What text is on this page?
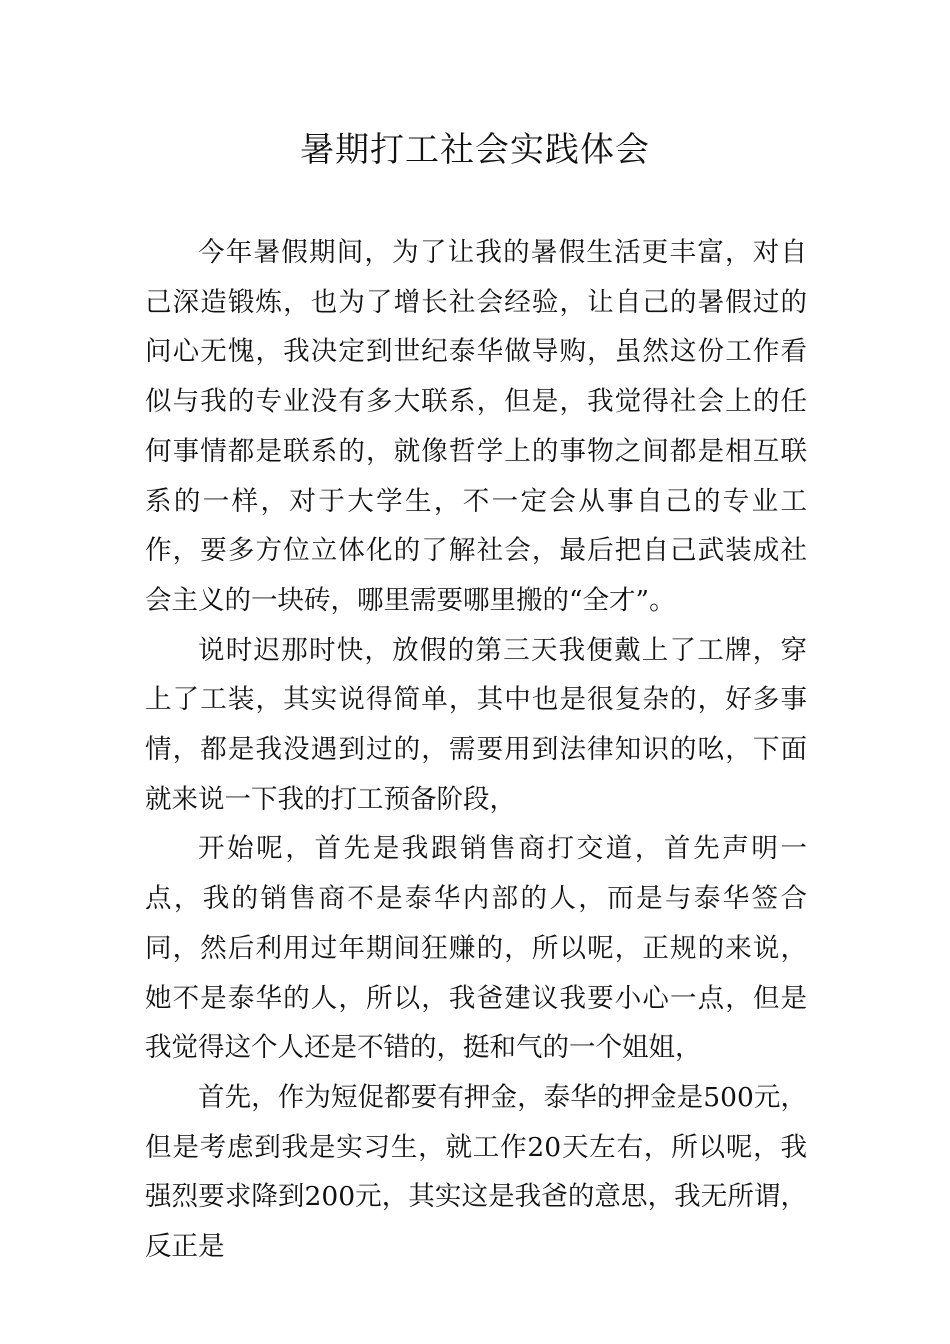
暑期打工社会实践体会

今年暑假期间，为了让我的暑假生活更丰富，对自己深造锻炼，也为了增长社会经验，让自己的暑假过的问心无愧，我决定到世纪泰华做导购，虽然这份工作看似与我的专业没有多大联系，但是，我觉得社会上的任何事情都是联系的，就像哲学上的事物之间都是相互联系的一样，对于大学生，不一定会从事自己的专业工作，要多方位立体化的了解社会，最后把自己武装成社会主义的一块砖，哪里需要哪里搬的“全才”。

说时迟那时快，放假的第三天我便戴上了工牌，穿上了工装，其实说得简单，其中也是很复杂的，好多事情，都是我没遇到过的，需要用到法律知识的吆，下面就来说一下我的打工预备阶段，

开始呢，首先是我跟销售商打交道，首先声明一点，我的销售商不是泰华内部的人，而是与泰华签合同，然后利用过年期间狂赚的，所以呢，正规的来说，她不是泰华的人，所以，我爸建议我要小心一点，但是我觉得这个人还是不错的，挺和气的一个姐姐，

首先，作为短促都要有押金，泰华的押金是500元，但是考虑到我是实习生，就工作20天左右，所以呢，我强烈要求降到200元，其实这是我爸的意思，我无所谓，反正是
